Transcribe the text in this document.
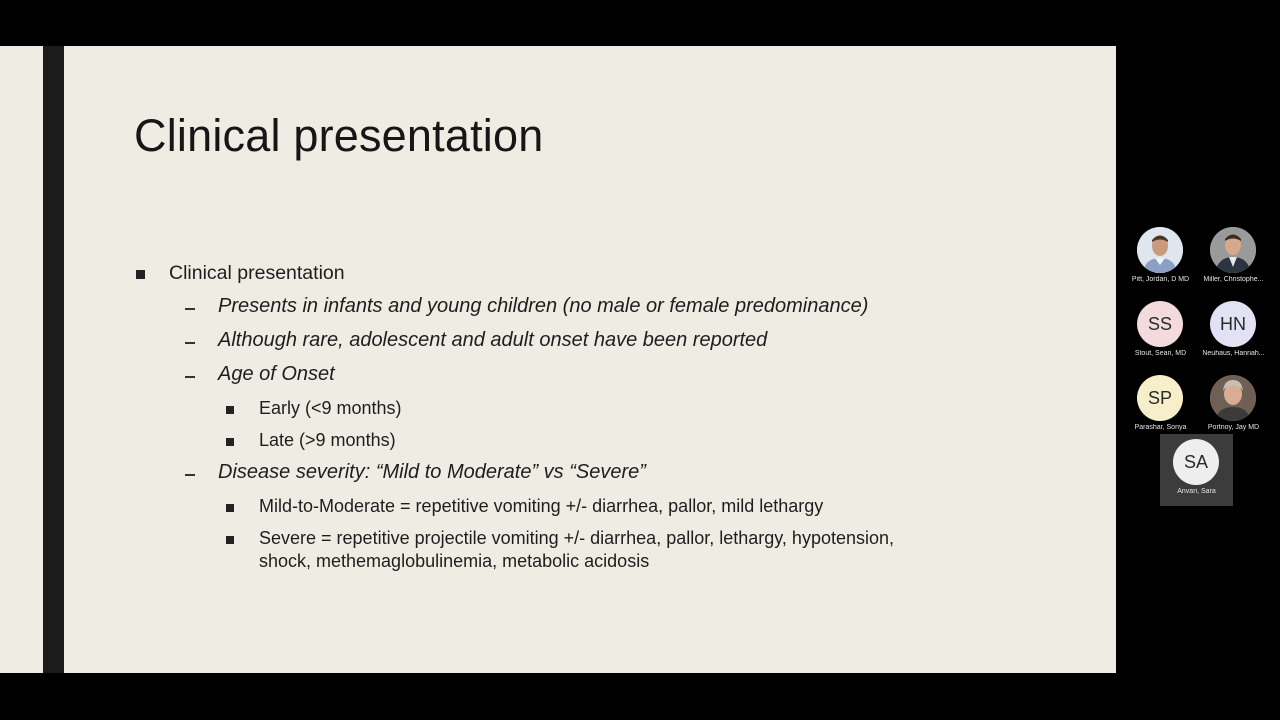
Clinical presentation
Clinical presentation
Presents in infants and young children (no male or female predominance)
Although rare, adolescent and adult onset have been reported
Age of Onset
Early (<9 months)
Late (>9 months)
Disease severity: “Mild to Moderate” vs “Severe”
Mild-to-Moderate = repetitive vomiting +/- diarrhea, pallor, mild lethargy
Severe = repetitive projectile vomiting +/- diarrhea, pallor, lethargy, hypotension,
shock, methemaglobulinemia, metabolic acidosis
Pitt, Jordan, D MD	Miller, Christophe...
SS
Stout, Sean, MD
HN
Neuhaus, Hannah...
SP
Parashar, Sonya	Portnoy, Jay MD
SA
Anvari, Sara
